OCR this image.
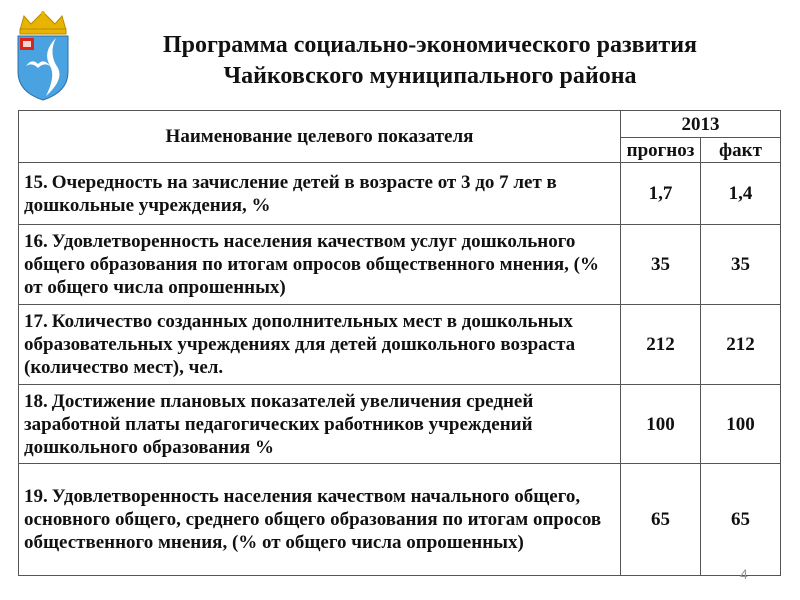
Программа социально-экономического развития
Чайковского муниципального района
Наименование целевого показателя	2013	
	прогноз	факт
15. Очередность на зачисление детей в возрасте от 3 до 7 лет в дошкольные учреждения, %	1,7	1,4
16. Удовлетворенность населения качеством услуг дошкольного общего образования по итогам опросов общественного мнения, (% от общего числа опрошенных)	35	35
17. Количество созданных дополнительных мест в дошкольных образовательных учреждениях для детей дошкольного возраста (количество мест), чел.	212	212
18. Достижение плановых показателей увеличения средней заработной платы педагогических работников учреждений дошкольного образования %	100	100
19. Удовлетворенность населения качеством начального общего, основного общего, среднего общего образования по итогам опросов общественного мнения, (% от общего числа опрошенных)	65	65
4
